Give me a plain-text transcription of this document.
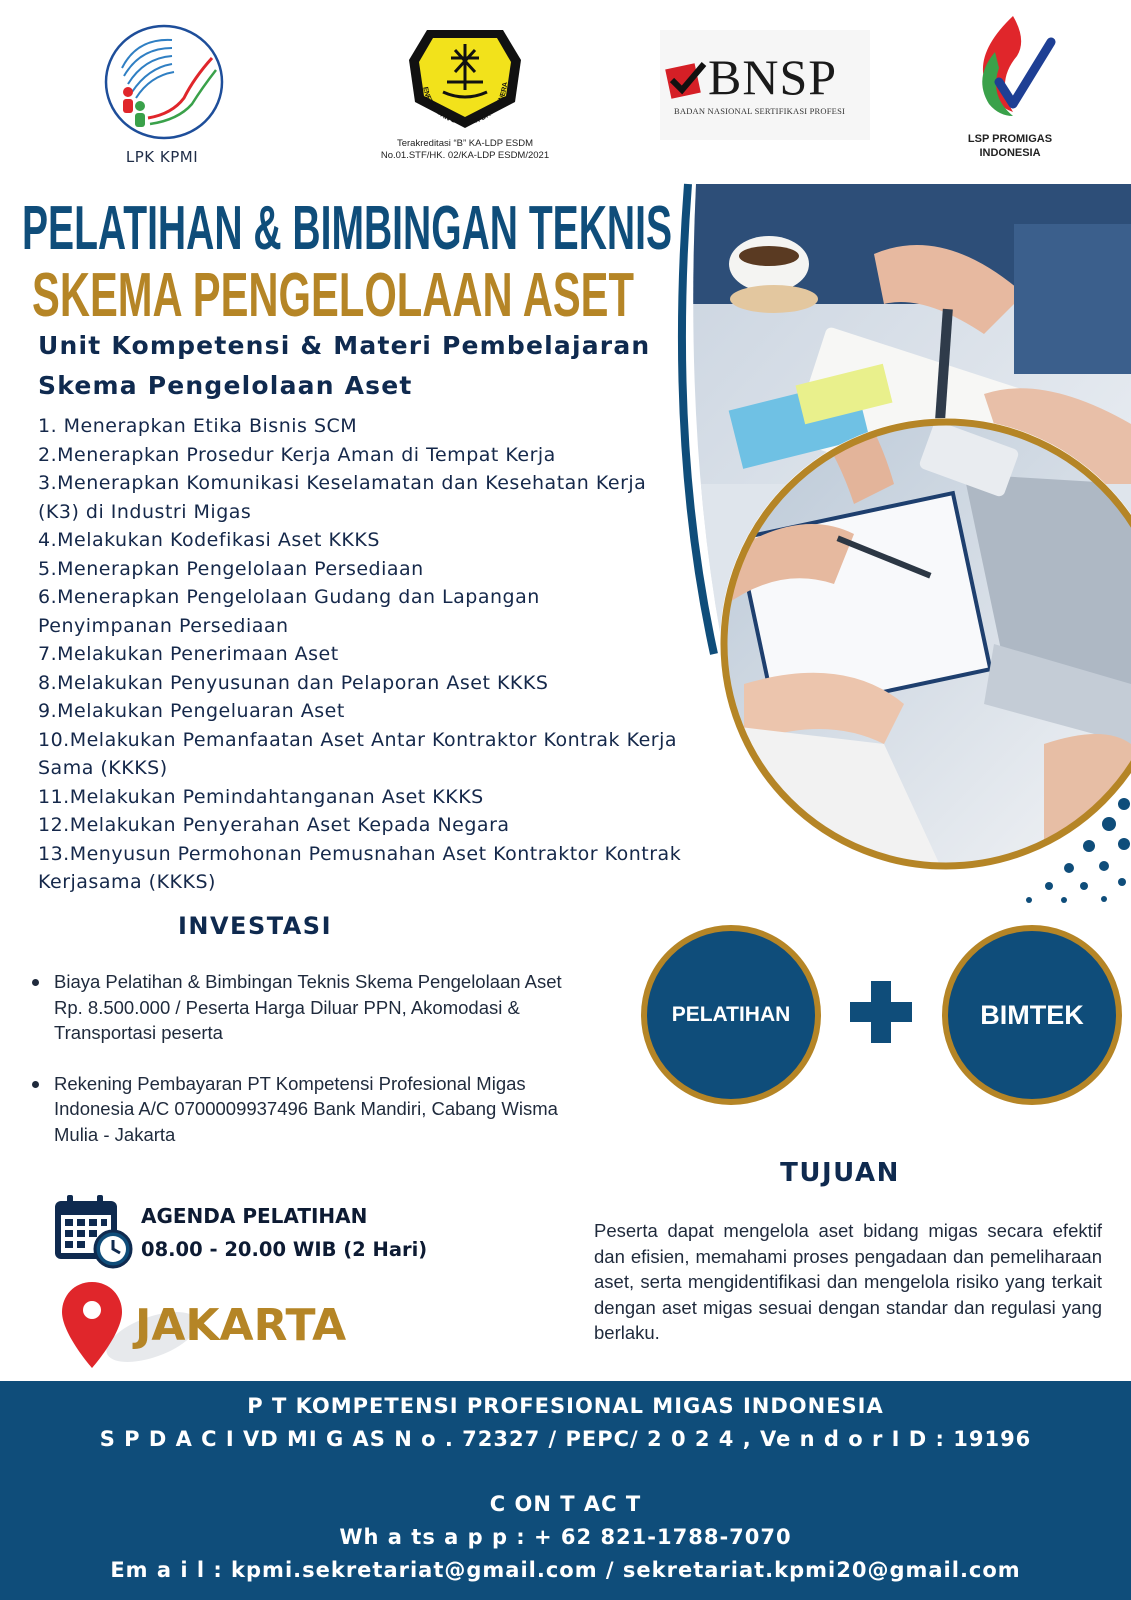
LPK KPMI
ENERGI DAN SUMBER DAYA MINERA
Terakreditasi “B” KA-LDP ESDM
No.01.STF/HK. 02/KA-LDP ESDM/2021
BNSP
BADAN NASIONAL SERTIFIKASI PROFESI
LSP PROMIGAS
INDONESIA
PELATIHAN & BIMBINGAN TEKNIS
SKEMA PENGELOLAAN ASET
Unit Kompetensi & Materi Pembelajaran
Skema Pengelolaan Aset
1. Menerapkan Etika Bisnis SCM
2.Menerapkan Prosedur Kerja Aman di Tempat Kerja
3.Menerapkan Komunikasi Keselamatan dan Kesehatan Kerja
(K3) di Industri Migas
4.Melakukan Kodefikasi Aset KKKS
5.Menerapkan Pengelolaan Persediaan
6.Menerapkan Pengelolaan Gudang dan Lapangan
Penyimpanan Persediaan
7.Melakukan Penerimaan Aset
8.Melakukan Penyusunan dan Pelaporan Aset KKKS
9.Melakukan Pengeluaran Aset
10.Melakukan Pemanfaatan Aset Antar Kontraktor Kontrak Kerja
Sama (KKKS)
11.Melakukan Pemindahtanganan Aset KKKS
12.Melakukan Penyerahan Aset Kepada Negara
13.Menyusun Permohonan Pemusnahan Aset Kontraktor Kontrak
Kerjasama (KKKS)
INVESTASI
Biaya Pelatihan & Bimbingan Teknis Skema Pengelolaan Aset
Rp. 8.500.000 / Peserta Harga Diluar PPN, Akomodasi &
Transportasi peserta
Rekening Pembayaran PT Kompetensi Profesional Migas
Indonesia A/C 0700009937496 Bank Mandiri, Cabang Wisma
Mulia - Jakarta
PELATIHAN	BIMTEK
AGENDA PELATIHAN
08.00 - 20.00 WIB (2 Hari)
JAKARTA
TUJUAN
Peserta dapat mengelola aset bidang migas secara efektif dan efisien, memahami proses pengadaan dan pemeliharaan aset, serta mengidentifikasi dan mengelola risiko yang terkait dengan aset migas sesuai dengan standar dan regulasi yang berlaku.
P T KOMPETENSI PROFESIONAL MIGAS INDONESIA
S P D A C I VD MI G AS N o . 72327 / PEPC/ 2 0 2 4 , Ve n d o r I D : 19196
C ON T AC T
Wh a ts a p p : + 62 821-1788-7070
Em a i l : kpmi.sekretariat@gmail.com / sekretariat.kpmi20@gmail.com
